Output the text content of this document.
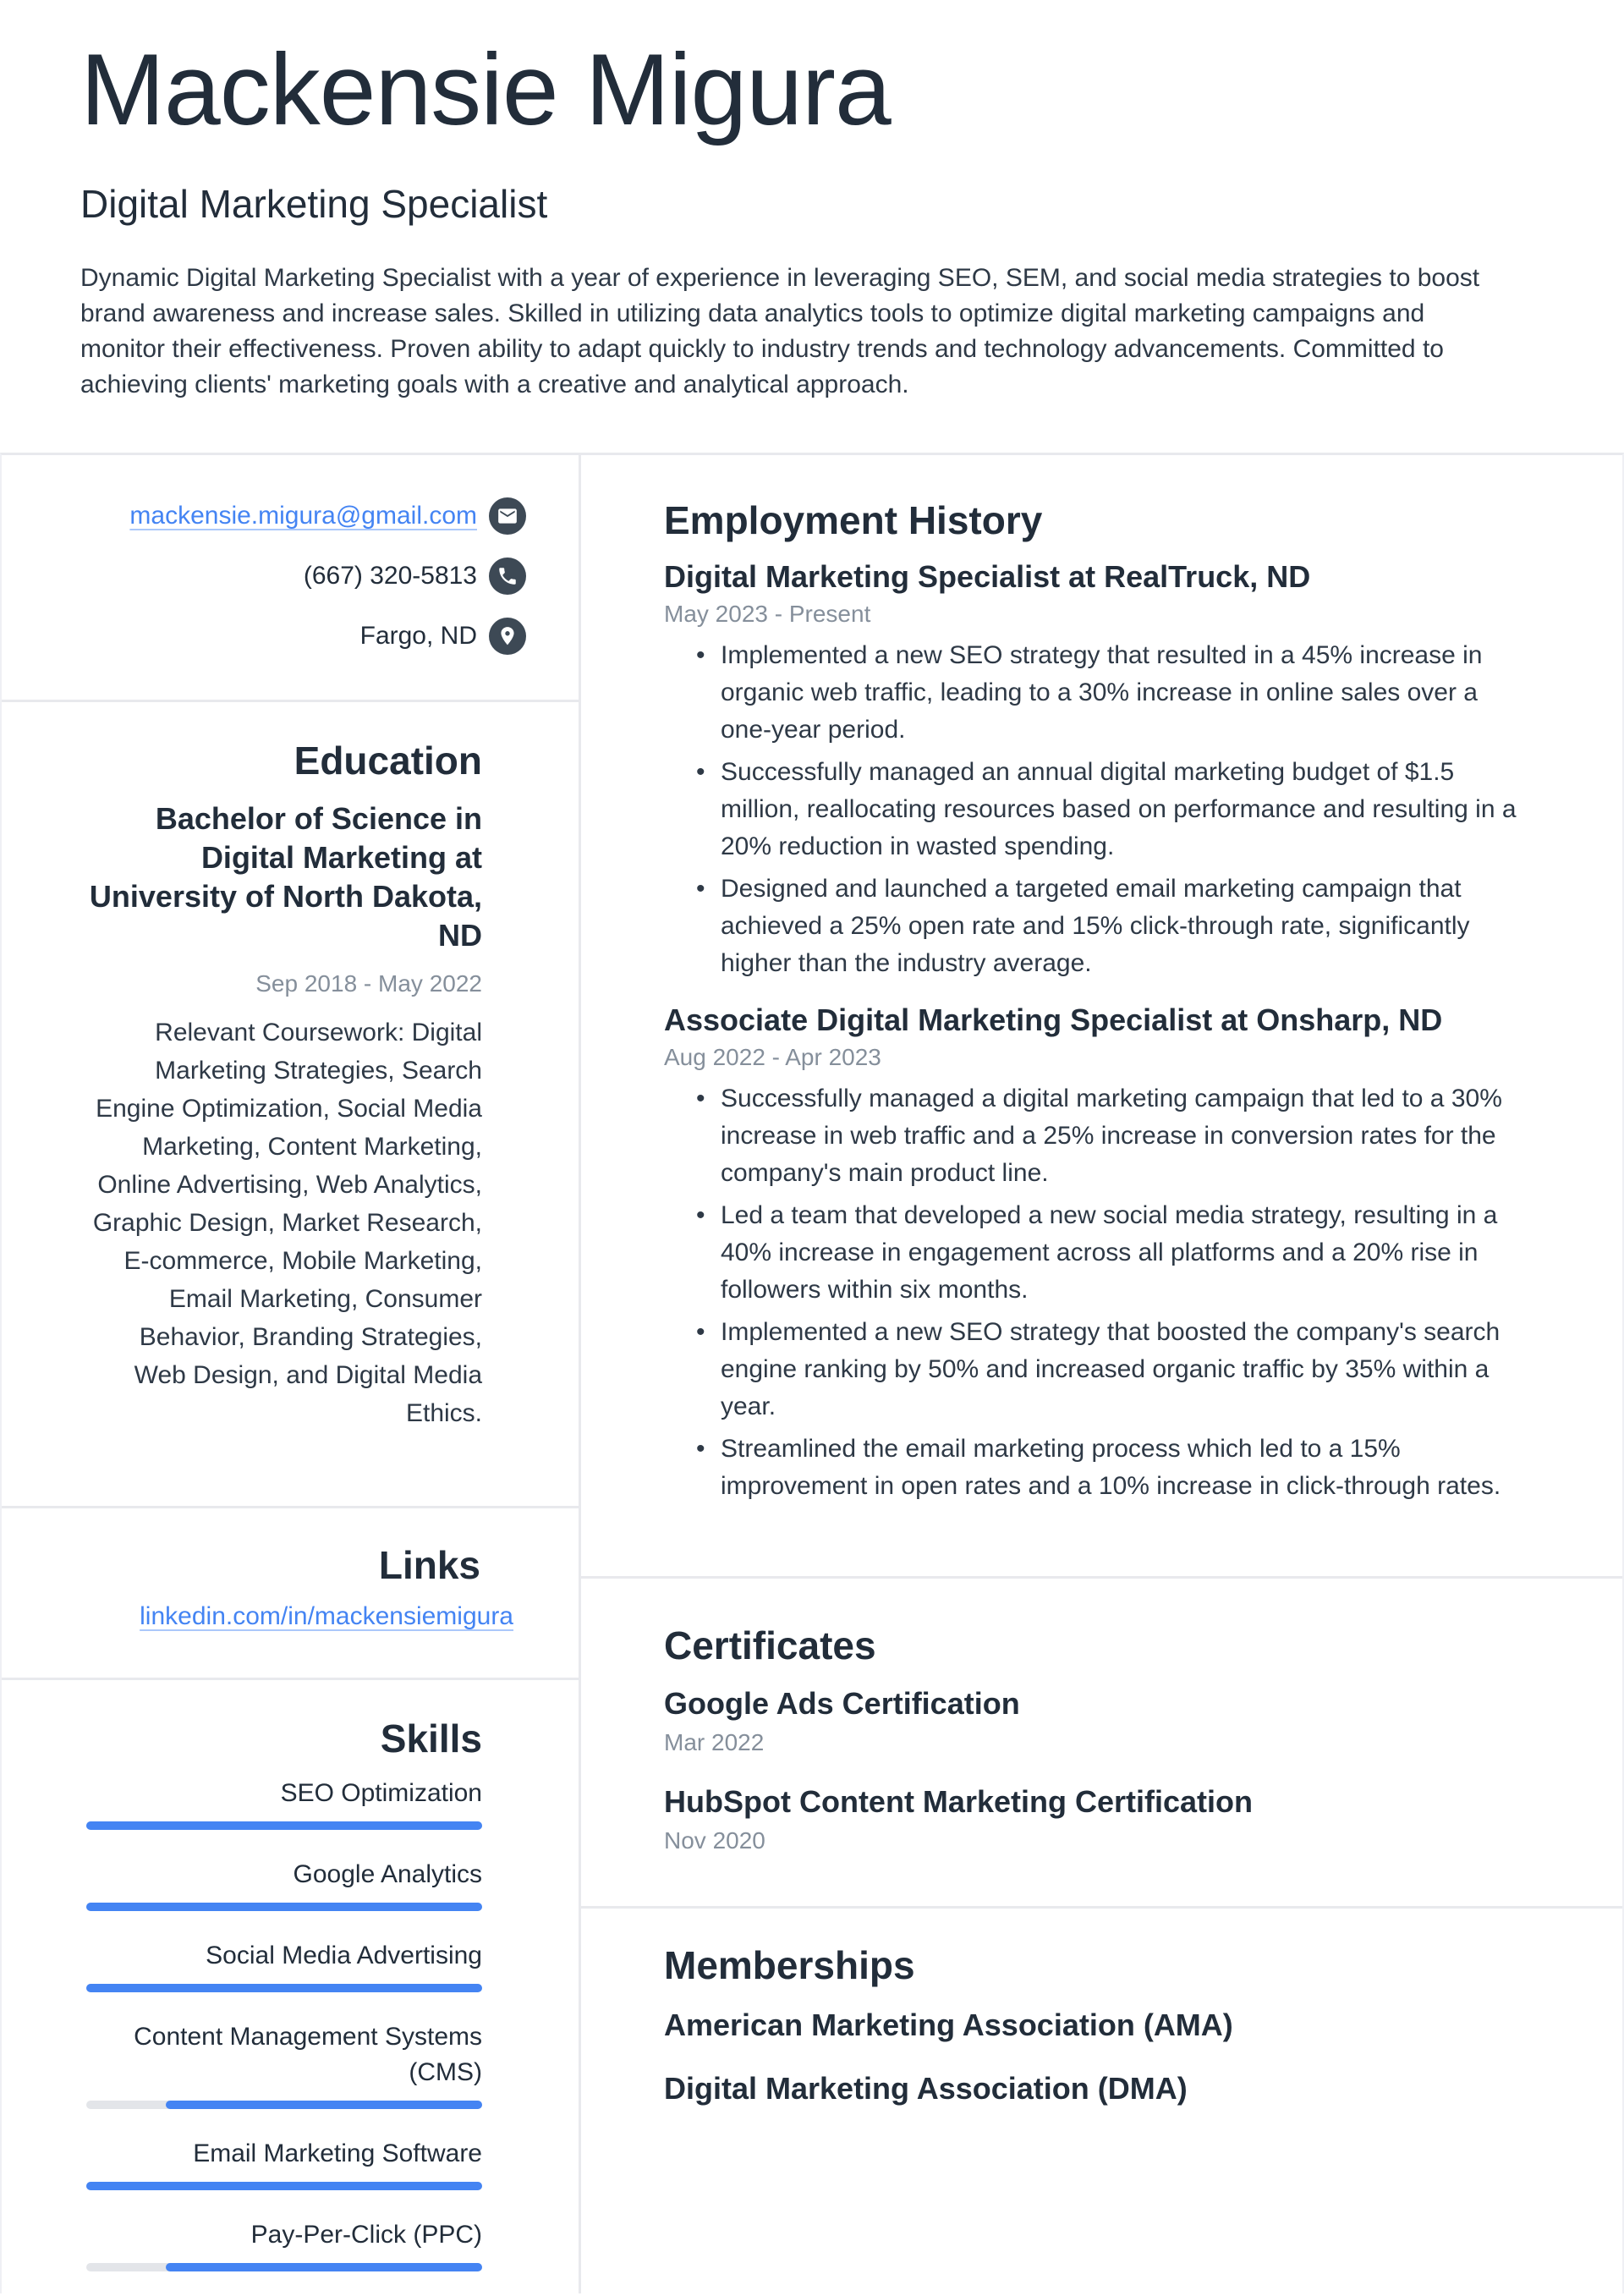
Mackensie Migura
Digital Marketing Specialist

Dynamic Digital Marketing Specialist with a year of experience in leveraging SEO, SEM, and social media strategies to boost brand awareness and increase sales. Skilled in utilizing data analytics tools to optimize digital marketing campaigns and monitor their effectiveness. Proven ability to adapt quickly to industry trends and technology advancements. Committed to achieving clients' marketing goals with a creative and analytical approach.

mackensie.migura@gmail.com
(667) 320-5813
Fargo, ND
Education
Bachelor of Science in Digital Marketing at University of North Dakota, ND
Sep 2018 - May 2022

Relevant Coursework: Digital Marketing Strategies, Search Engine Optimization, Social Media Marketing, Content Marketing, Online Advertising, Web Analytics, Graphic Design, Market Research, E-commerce, Mobile Marketing, Email Marketing, Consumer Behavior, Branding Strategies, Web Design, and Digital Media Ethics.

Links
linkedin.com/in/mackensiemigura
Skills
SEO Optimization
Google Analytics
Social Media Advertising
Content Management Systems (CMS)
Email Marketing Software
Pay-Per-Click (PPC)
Employment History
Digital Marketing Specialist at RealTruck, ND
May 2023 - Present
• Implemented a new SEO strategy that resulted in a 45% increase in organic web traffic, leading to a 30% increase in online sales over a one-year period.
• Successfully managed an annual digital marketing budget of $1.5 million, reallocating resources based on performance and resulting in a 20% reduction in wasted spending.
• Designed and launched a targeted email marketing campaign that achieved a 25% open rate and 15% click-through rate, significantly higher than the industry average.
Associate Digital Marketing Specialist at Onsharp, ND
Aug 2022 - Apr 2023
• Successfully managed a digital marketing campaign that led to a 30% increase in web traffic and a 25% increase in conversion rates for the company's main product line.
• Led a team that developed a new social media strategy, resulting in a 40% increase in engagement across all platforms and a 20% rise in followers within six months.
• Implemented a new SEO strategy that boosted the company's search engine ranking by 50% and increased organic traffic by 35% within a year.
• Streamlined the email marketing process which led to a 15% improvement in open rates and a 10% increase in click-through rates.
Certificates
Google Ads Certification
Mar 2022
HubSpot Content Marketing Certification
Nov 2020
Memberships
American Marketing Association (AMA)
Digital Marketing Association (DMA)
